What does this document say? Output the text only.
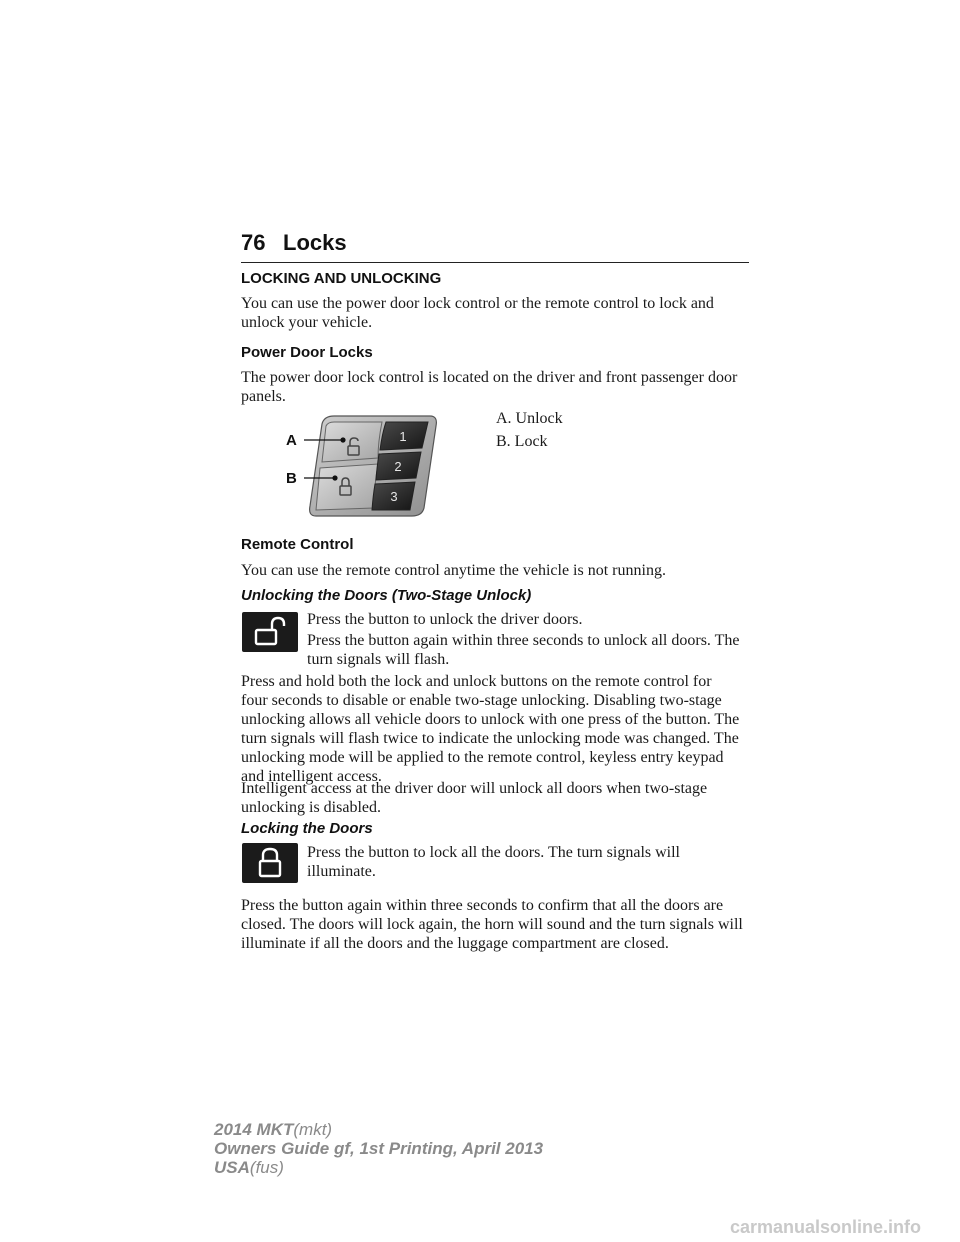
76 Locks
LOCKING AND UNLOCKING

You can use the power door lock control or the remote control to lock and unlock your vehicle.

Power Door Locks

The power door lock control is located on the driver and front passenger door panels.

A. Unlock
B. Lock
1
2
3
A
B
Remote Control

You can use the remote control anytime the vehicle is not running.

Unlocking the Doors (Two-Stage Unlock)

Press the button to unlock the driver doors.

Press the button again within three seconds to unlock all doors. The turn signals will flash.

Press and hold both the lock and unlock buttons on the remote control for four seconds to disable or enable two-stage unlocking. Disabling two-stage unlocking allows all vehicle doors to unlock with one press of the button. The turn signals will flash twice to indicate the unlocking mode was changed. The unlocking mode will be applied to the remote control, keyless entry keypad and intelligent access.

Intelligent access at the driver door will unlock all doors when two-stage unlocking is disabled.

Locking the Doors

Press the button to lock all the doors. The turn signals will illuminate.

Press the button again within three seconds to confirm that all the doors are closed. The doors will lock again, the horn will sound and the turn signals will illuminate if all the doors and the luggage compartment are closed.

2014 MKT(mkt)
Owners Guide gf, 1st Printing, April 2013
USA(fus)
carmanualsonline.info
